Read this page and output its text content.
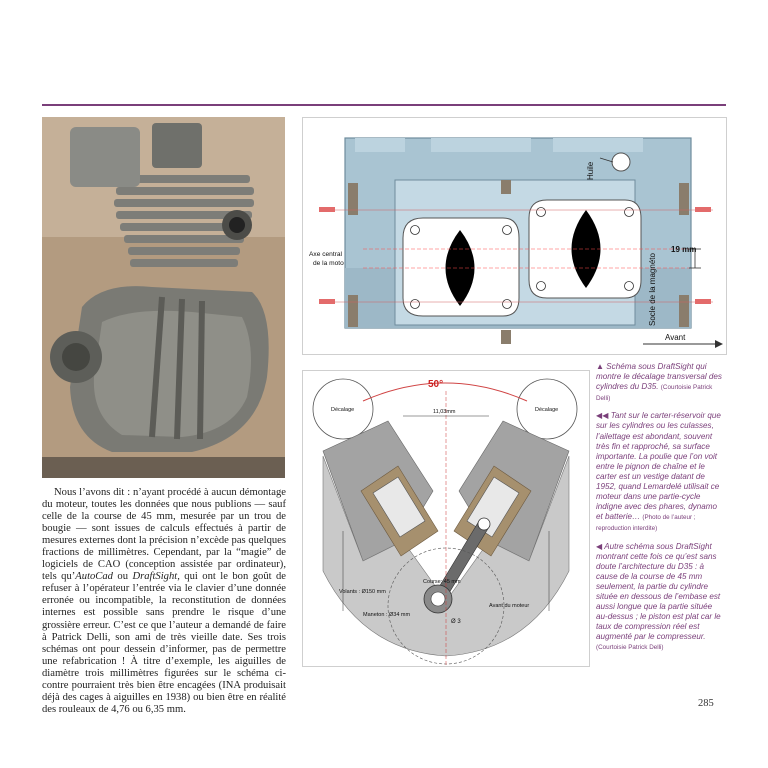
Nous l’avons dit : n’ayant procédé à aucun démontage du moteur, toutes les données que nous publions — sauf celle de la course de 45 mm, mesurée par un trou de bougie — sont issues de calculs effectués à partir de mesures externes dont la précision n’excède pas quelques fractions de millimètres. Cependant, par la “magie” de logiciels de CAO (conception assistée par ordinateur), tels qu’AutoCad ou DraftSight, qui ont le bon goût de refuser à l’opérateur l’entrée via le clavier d’une donnée erronée ou incompatible, la reconstitution de données internes est possible sans prendre le risque d’une grossière erreur. C’est ce que l’auteur a demandé de faire à Patrick Delli, son ami de très vieille date. Ses trois schémas ont pour dessein d’informer, pas de permettre une refabrication ! À titre d’exemple, les aiguilles de diamètre trois millimètres figurées sur le schéma ci-contre pourraient très bien être encagées (INA produisait déjà des cages à aiguilles en 1938) ou bien être en réalité des rouleaux de 4,76 ou 6,35 mm.

Huile
Axe central
de la moto	Socle de la magnéto
19 mm
Avant
50°
Décalage	Décalage
11,03mm
Avant du moteur
Course: 45 mm
Volants : Ø150 mm
Maneton : Ø34 mm
Ø 3

▲ Schéma sous DraftSight qui montre le décalage transversal des cylindres du D35. (Courtoisie Patrick Delli)

◀◀ Tant sur le carter-réservoir que sur les cylindres ou les culasses, l’ailettage est abondant, souvent très fin et rapproché, sa surface importante. La poulie que l’on voit entre le pignon de chaîne et le carter est un vestige datant de 1952, quand Lemardelé utilisait ce moteur dans une partie-cycle indigne avec des phares, dynamo et batterie… (Photo de l’auteur ; reproduction interdite)

◀ Autre schéma sous DraftSight montrant cette fois ce qu’est sans doute l’architecture du D35 : à cause de la course de 45 mm seulement, la partie du cylindre située en dessous de l’embase est aussi longue que la partie située au-dessus ; le piston est plat car le taux de compression réel est augmenté par le compresseur. (Courtoisie Patrick Delli)

285
